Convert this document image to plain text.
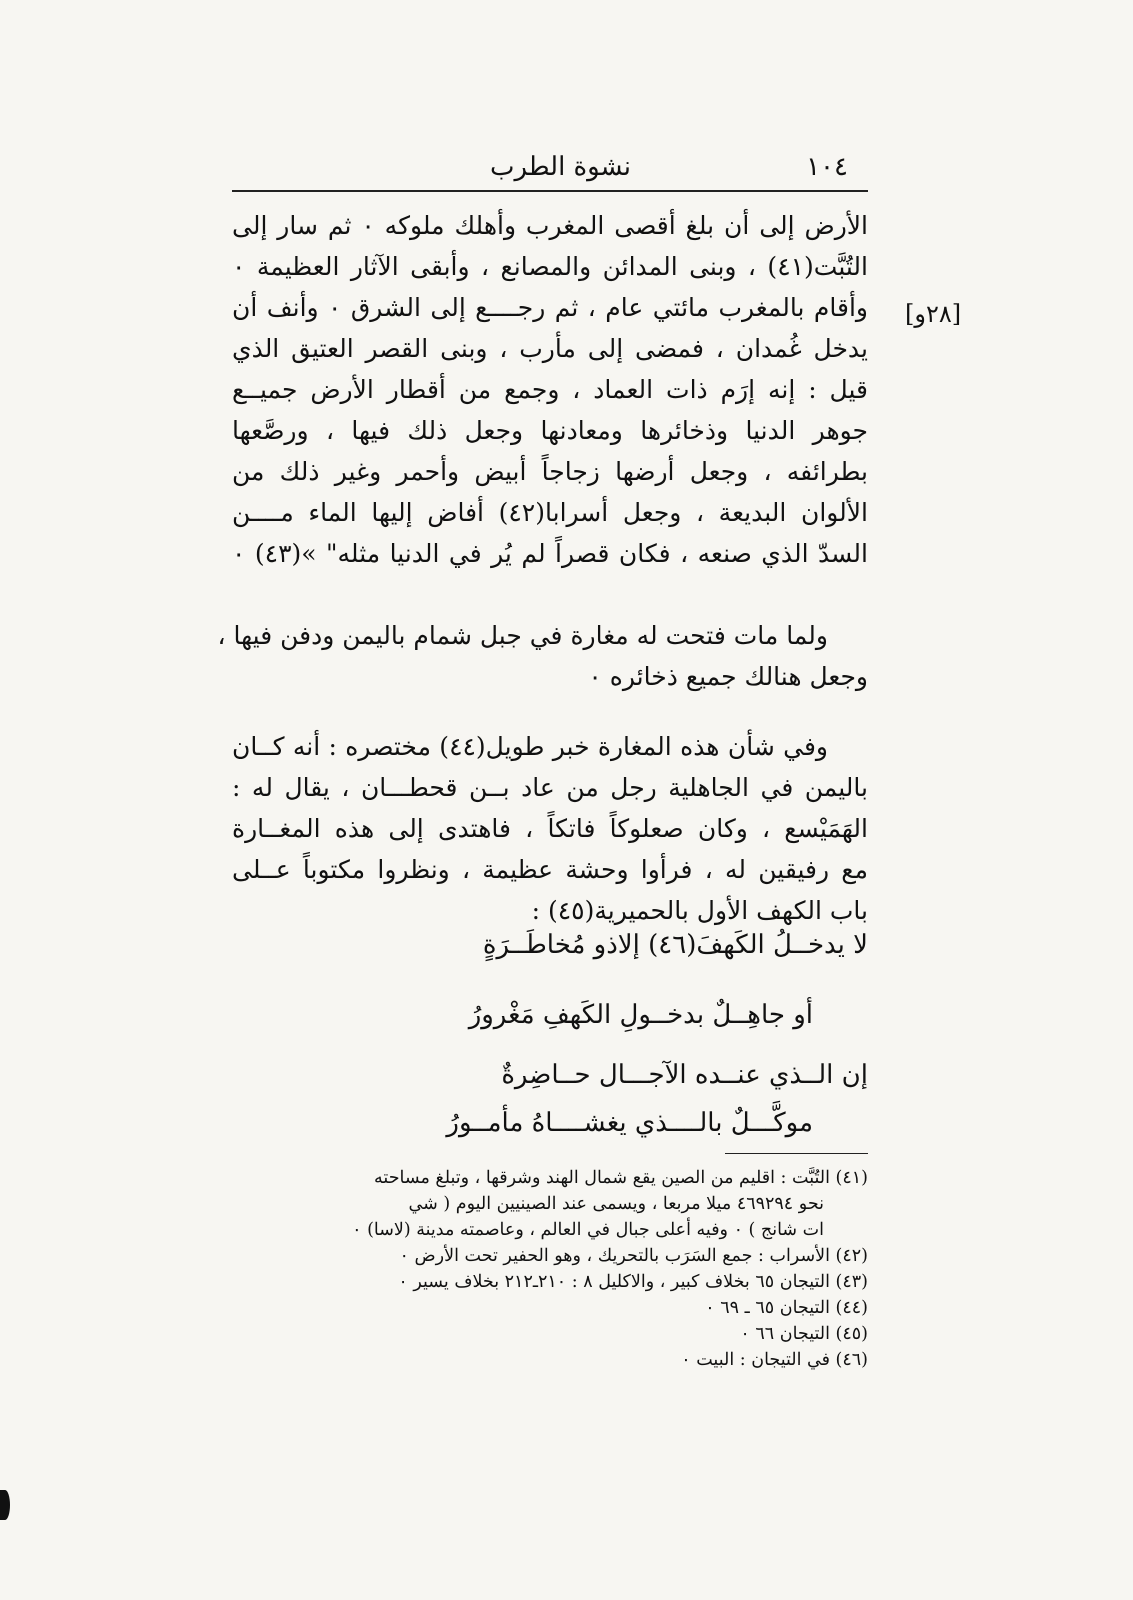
١٠٤
نشوة الطرب
[٢٨و]
الأرض إلى أن بلغ أقصى المغرب وأهلك ملوكه ٠ ثم سار إلى
التُبَّت(٤١) ، وبنى المدائن والمصانع ، وأبقى الآثار العظيمة ٠
وأقام بالمغرب مائتي عام ، ثم رجــــع إلى الشرق ٠ وأنف أن
يدخل غُمدان ، فمضى إلى مأرب ، وبنى القصر العتيق الذي
قيل : إنه إرَم ذات العماد ، وجمع من أقطار الأرض جميــع
جوهر الدنيا وذخائرها ومعادنها وجعل ذلك فيها ، ورصَّعها
بطرائفه ، وجعل أرضها زجاجاً أبيض وأحمر وغير ذلك من
الألوان البديعة ، وجعل أسرابا(٤٢) أفاض إليها الماء مــــن
السدّ الذي صنعه ، فكان قصراً لم يُر في الدنيا مثله" »(٤٣) ٠
ولما مات فتحت له مغارة في جبل شمام باليمن ودفن فيها ،
وجعل هنالك جميع ذخائره ٠
وفي شأن هذه المغارة خبر طويل(٤٤) مختصره : أنه كــان
باليمن في الجاهلية رجل من عاد بــن قحطـــان ، يقال له :
الهَمَيْسع ، وكان صعلوكاً فاتكاً ، فاهتدى إلى هذه المغــارة
مع رفيقين له ، فرأوا وحشة عظيمة ، ونظروا مكتوباً عــلى
باب الكهف الأول بالحميرية(٤٥) :
لا يدخــلُ الكَهفَ(٤٦) إلاذو مُخاطَــرَةٍ
أو جاهِــلٌ بدخــولِ الكَهفِ مَغْرورُ
إن الــذي عنــده الآجـــال حــاضِرةٌ
موكَّـــلٌ بالــــذي يغشــــاهُ مأمــورُ
(٤١) التُبَّت : اقليم من الصين يقع شمال الهند وشرقها ، وتبلغ مساحته
نحو ٤٦٩٢٩٤ ميلا مربعا ، ويسمى عند الصينيين اليوم ( شي
ات شانج ) ٠ وفيه أعلى جبال في العالم ، وعاصمته مدينة (لاسا) ٠
(٤٢) الأسراب : جمع السَرَب بالتحريك ، وهو الحفير تحت الأرض ٠
(٤٣) التيجان ٦٥ بخلاف كبير ، والاكليل ٨ : ٢١٠ـ٢١٢ بخلاف يسير ٠
(٤٤) التيجان ٦٥ ـ ٦٩ ٠
(٤٥) التيجان ٦٦ ٠
(٤٦) في التيجان : البيت ٠
